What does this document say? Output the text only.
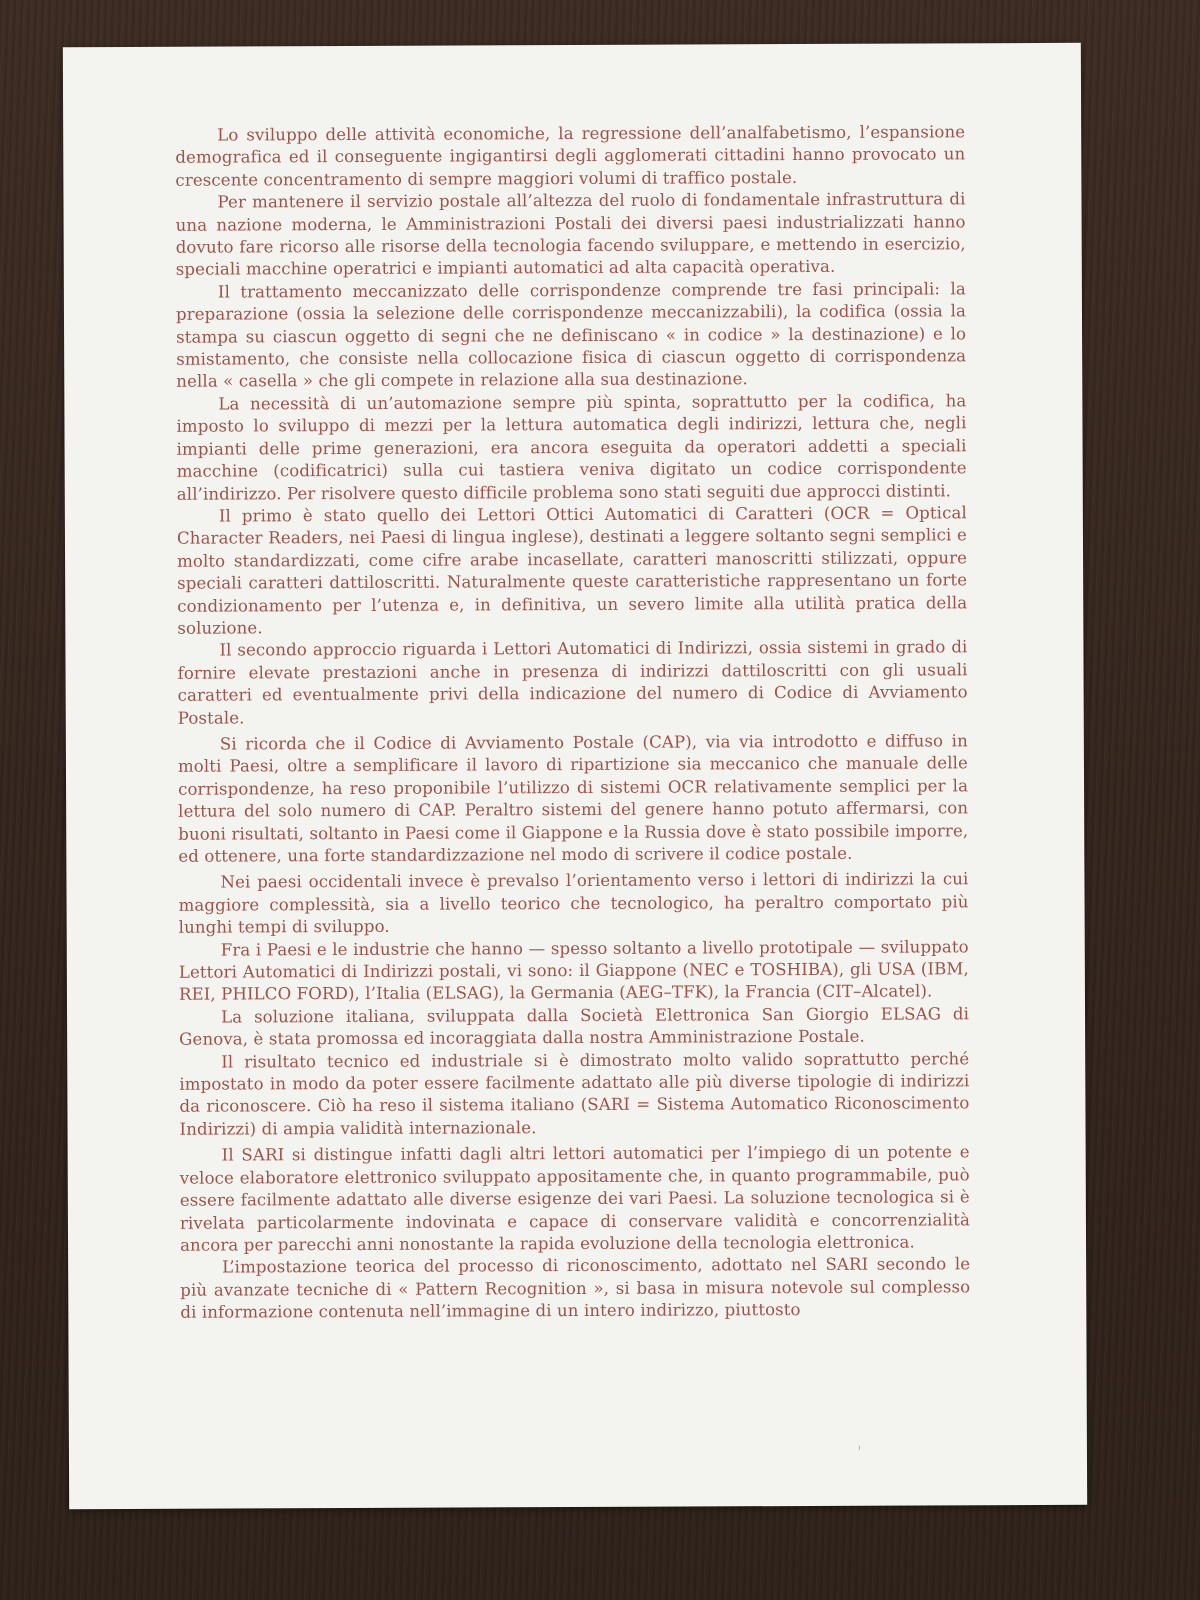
Lo sviluppo delle attività economiche, la regressione dell’analfabetismo, l’espansione demografica ed il conseguente ingigantirsi degli agglomerati cittadini hanno provocato un crescente concentramento di sempre maggiori volumi di traffico postale.

Per mantenere il servizio postale all’altezza del ruolo di fondamentale infrastruttura di una nazione moderna, le Amministrazioni Postali dei diversi paesi industrializzati hanno dovuto fare ricorso alle risorse della tecnologia facendo sviluppare, e mettendo in esercizio, speciali macchine operatrici e impianti automatici ad alta capacità operativa.

Il trattamento meccanizzato delle corrispondenze comprende tre fasi principali: la preparazione (ossia la selezione delle corrispondenze meccanizzabili), la codifica (ossia la stampa su ciascun oggetto di segni che ne definiscano « in codice » la destinazione) e lo smistamento, che consiste nella collocazione fisica di ciascun oggetto di corrispondenza nella « casella » che gli compete in relazione alla sua destinazione.

La necessità di un’automazione sempre più spinta, soprattutto per la codifica, ha imposto lo sviluppo di mezzi per la lettura automatica degli indirizzi, lettura che, negli impianti delle prime generazioni, era ancora eseguita da operatori addetti a speciali macchine (codificatrici) sulla cui tastiera veniva digitato un codice corrispondente all’indirizzo. Per risolvere questo difficile problema sono stati seguiti due approcci distinti.

Il primo è stato quello dei Lettori Ottici Automatici di Caratteri (OCR = Optical Character Readers, nei Paesi di lingua inglese), destinati a leggere soltanto segni semplici e molto standardizzati, come cifre arabe incasellate, caratteri manoscritti stilizzati, oppure speciali caratteri dattiloscritti. Naturalmente queste caratteristiche rappresentano un forte condizionamento per l’utenza e, in definitiva, un severo limite alla utilità pratica della soluzione.

Il secondo approccio riguarda i Lettori Automatici di Indirizzi, ossia sistemi in grado di fornire elevate prestazioni anche in presenza di indirizzi dattiloscritti con gli usuali caratteri ed eventualmente privi della indicazione del numero di Codice di Avviamento Postale.

Si ricorda che il Codice di Avviamento Postale (CAP), via via introdotto e diffuso in molti Paesi, oltre a semplificare il lavoro di ripartizione sia meccanico che manuale delle corrispondenze, ha reso proponibile l’utilizzo di sistemi OCR relativamente semplici per la lettura del solo numero di CAP. Peraltro sistemi del genere hanno potuto affermarsi, con buoni risultati, soltanto in Paesi come il Giappone e la Russia dove è stato possibile imporre, ed ottenere, una forte standardizzazione nel modo di scrivere il codice postale.

Nei paesi occidentali invece è prevalso l’orientamento verso i lettori di indirizzi la cui maggiore complessità, sia a livello teorico che tecnologico, ha peraltro comportato più lunghi tempi di sviluppo.

Fra i Paesi e le industrie che hanno — spesso soltanto a livello prototipale — sviluppato Lettori Automatici di Indirizzi postali, vi sono: il Giappone (NEC e TOSHIBA), gli USA (IBM, REI, PHILCO FORD), l’Italia (ELSAG), la Germania (AEG–TFK), la Francia (CIT–Alcatel).

La soluzione italiana, sviluppata dalla Società Elettronica San Giorgio ELSAG di Genova, è stata promossa ed incoraggiata dalla nostra Amministrazione Postale.

Il risultato tecnico ed industriale si è dimostrato molto valido soprattutto perché impostato in modo da poter essere facilmente adattato alle più diverse tipologie di indirizzi da riconoscere. Ciò ha reso il sistema italiano (SARI = Sistema Automatico Riconoscimento Indirizzi) di ampia validità internazionale.

Il SARI si distingue infatti dagli altri lettori automatici per l’impiego di un potente e veloce elaboratore elettronico sviluppato appositamente che, in quanto programmabile, può essere facilmente adattato alle diverse esigenze dei vari Paesi. La soluzione tecnologica si è rivelata particolarmente indovinata e capace di conservare validità e concorrenzialità ancora per parecchi anni nonostante la rapida evoluzione della tecnologia elettronica.

L’impostazione teorica del processo di riconoscimento, adottato nel SARI secondo le più avanzate tecniche di « Pattern Recognition », si basa in misura notevole sul complesso di informazione contenuta nell’immagine di un intero indirizzo, piuttosto
